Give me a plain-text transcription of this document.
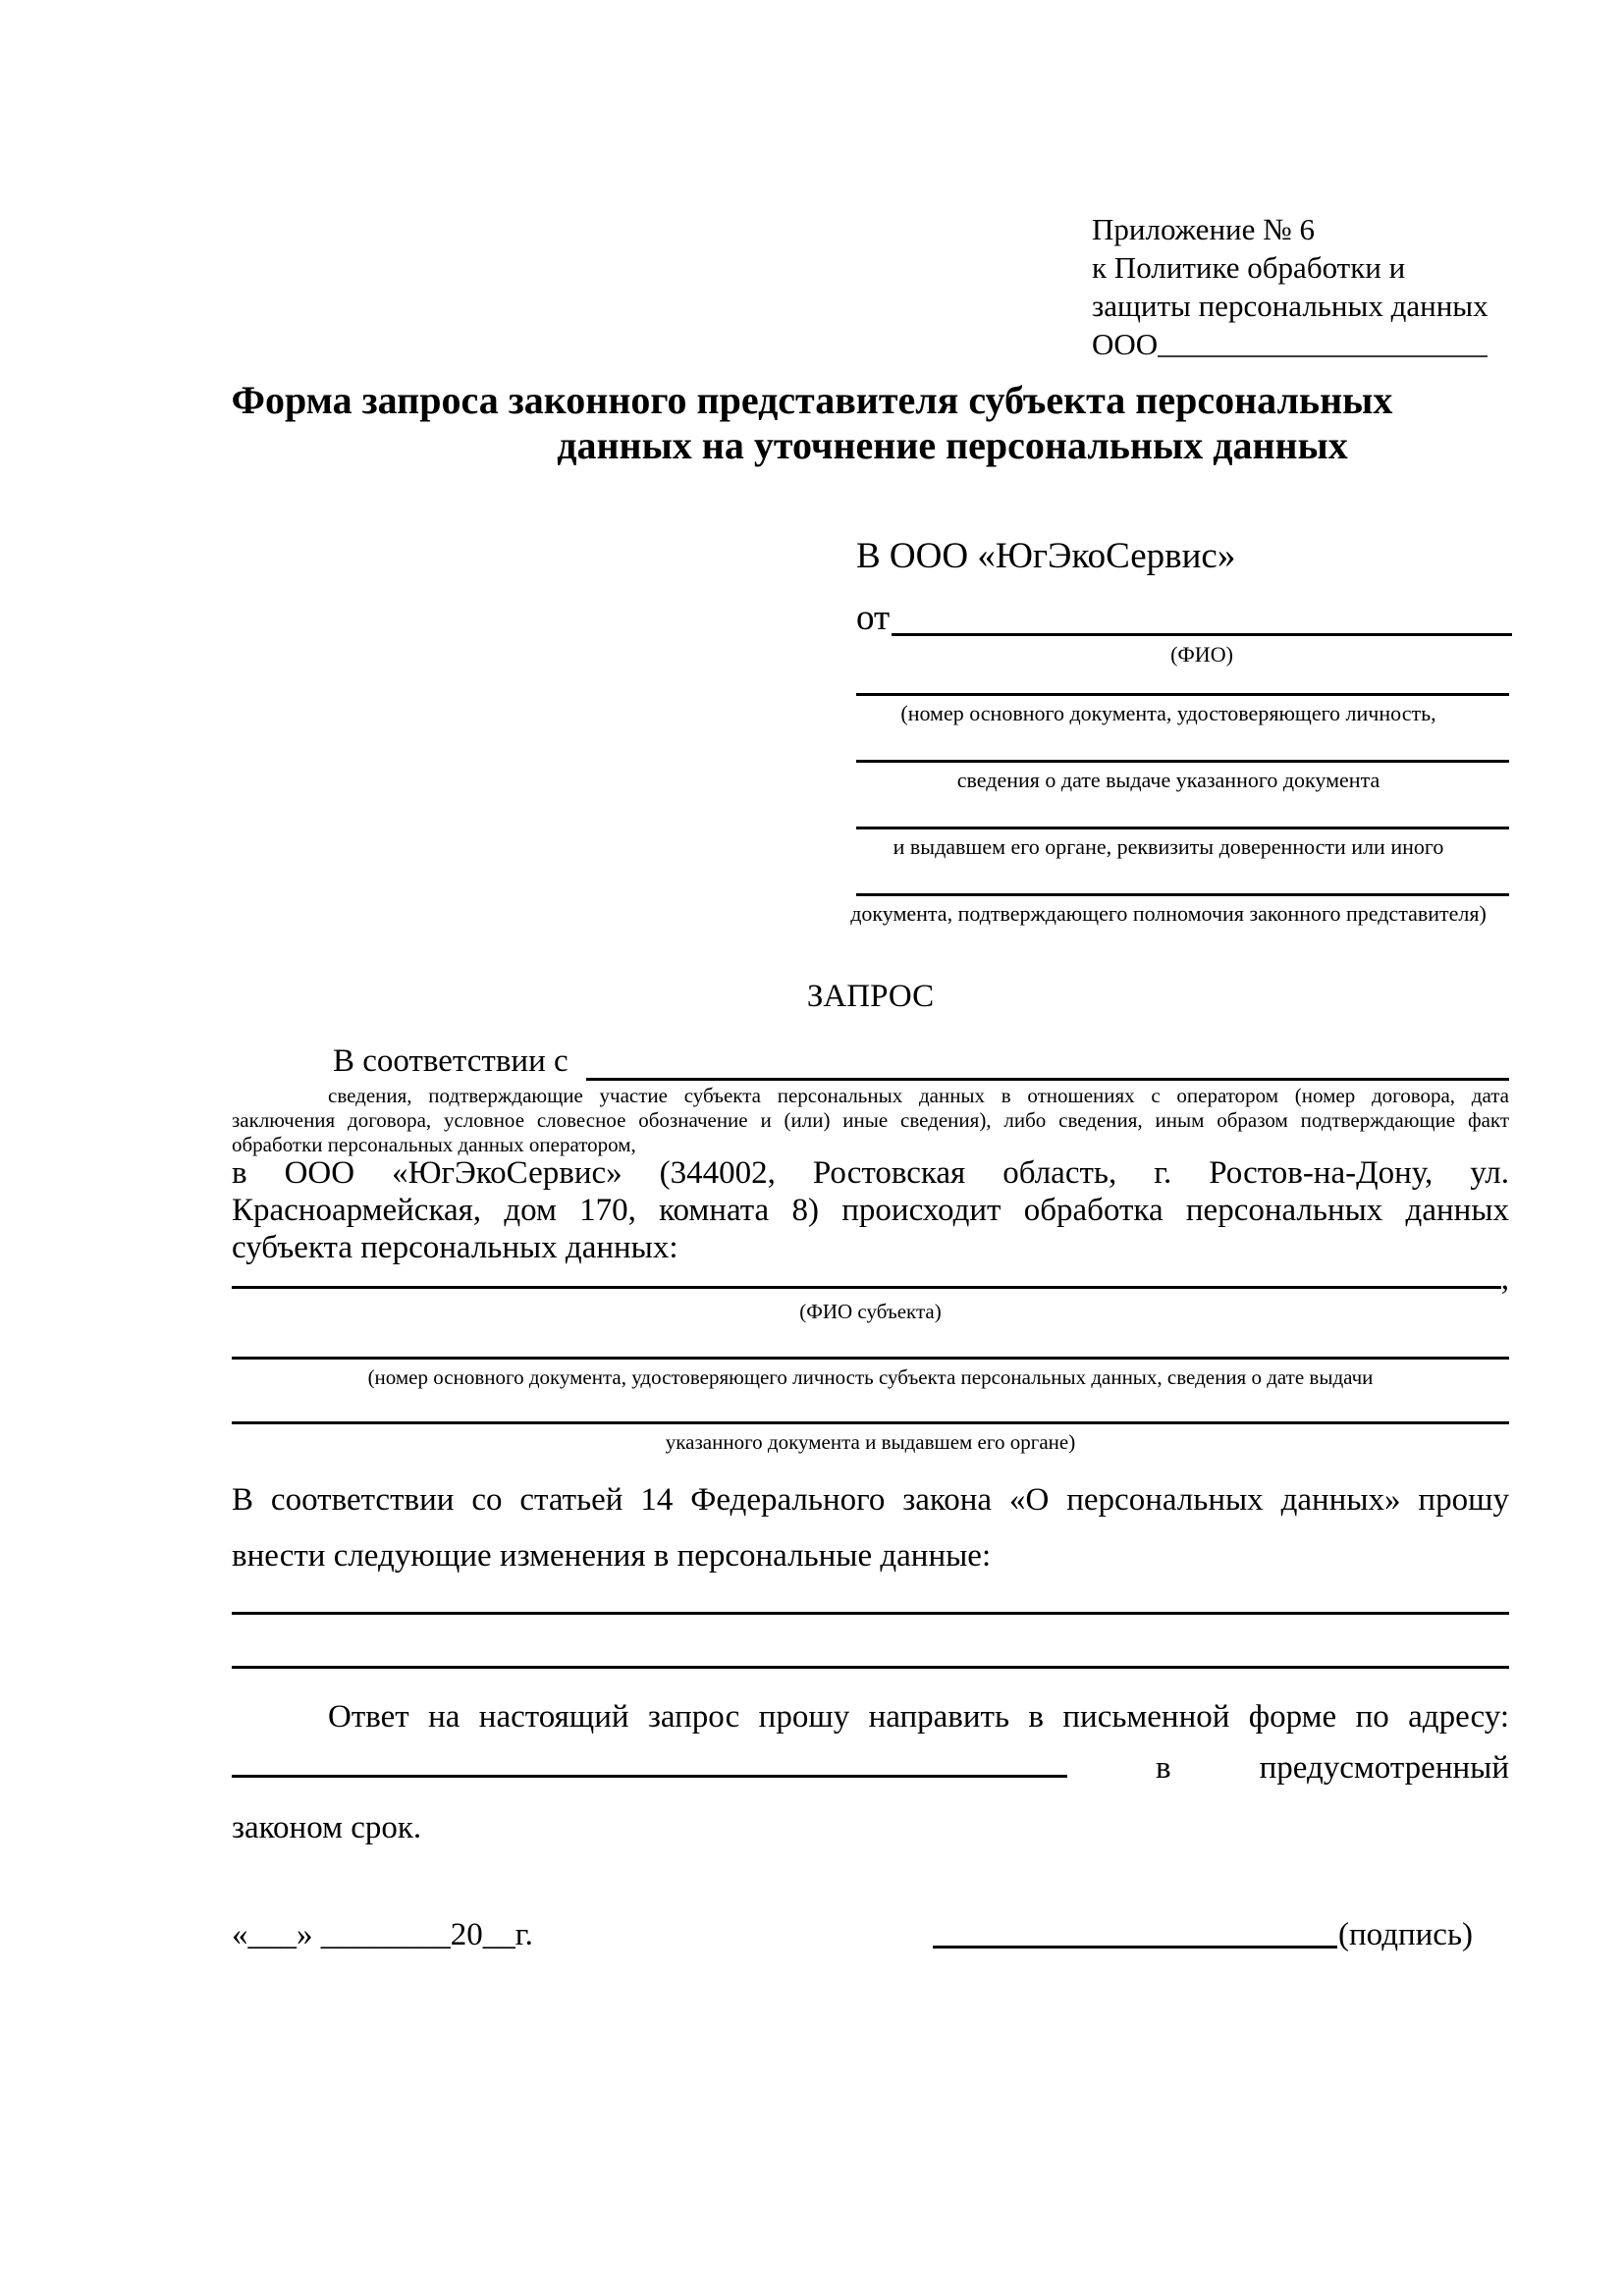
Приложение № 6
к Политике обработки и
защиты персональных данных
ООО
Форма запроса законного представителя субъекта персональных
данных на уточнение персональных данных
В ООО «ЮгЭкоСервис»
от
(ФИО)
(номер основного документа, удостоверяющего личность,
сведения о дате выдаче указанного документа
и выдавшем его органе, реквизиты доверенности или иного
документа, подтверждающего полномочия законного представителя)
ЗАПРОС
В соответствии с
сведения, подтверждающие участие субъекта персональных данных в отношениях с оператором (номер договора, дата
заключения договора, условное словесное обозначение и (или) иные сведения), либо сведения, иным образом подтверждающие факт
обработки персональных данных оператором,
в ООО «ЮгЭкоСервис» (344002, Ростовская область, г. Ростов-на-Дону, ул.
Красноармейская, дом 170, комната 8) происходит обработка персональных данных
субъекта персональных данных:
,
(ФИО субъекта)
(номер основного документа, удостоверяющего личность субъекта персональных данных, сведения о дате выдачи
указанного документа и выдавшем его органе)
В соответствии со статьей 14 Федерального закона «О персональных данных» прошу
внести следующие изменения в персональные данные:
Ответ на настоящий запрос прошу направить в письменной форме по адресу:
в	предусмотренный
законом срок.
«___» ________20__г.	(подпись)
